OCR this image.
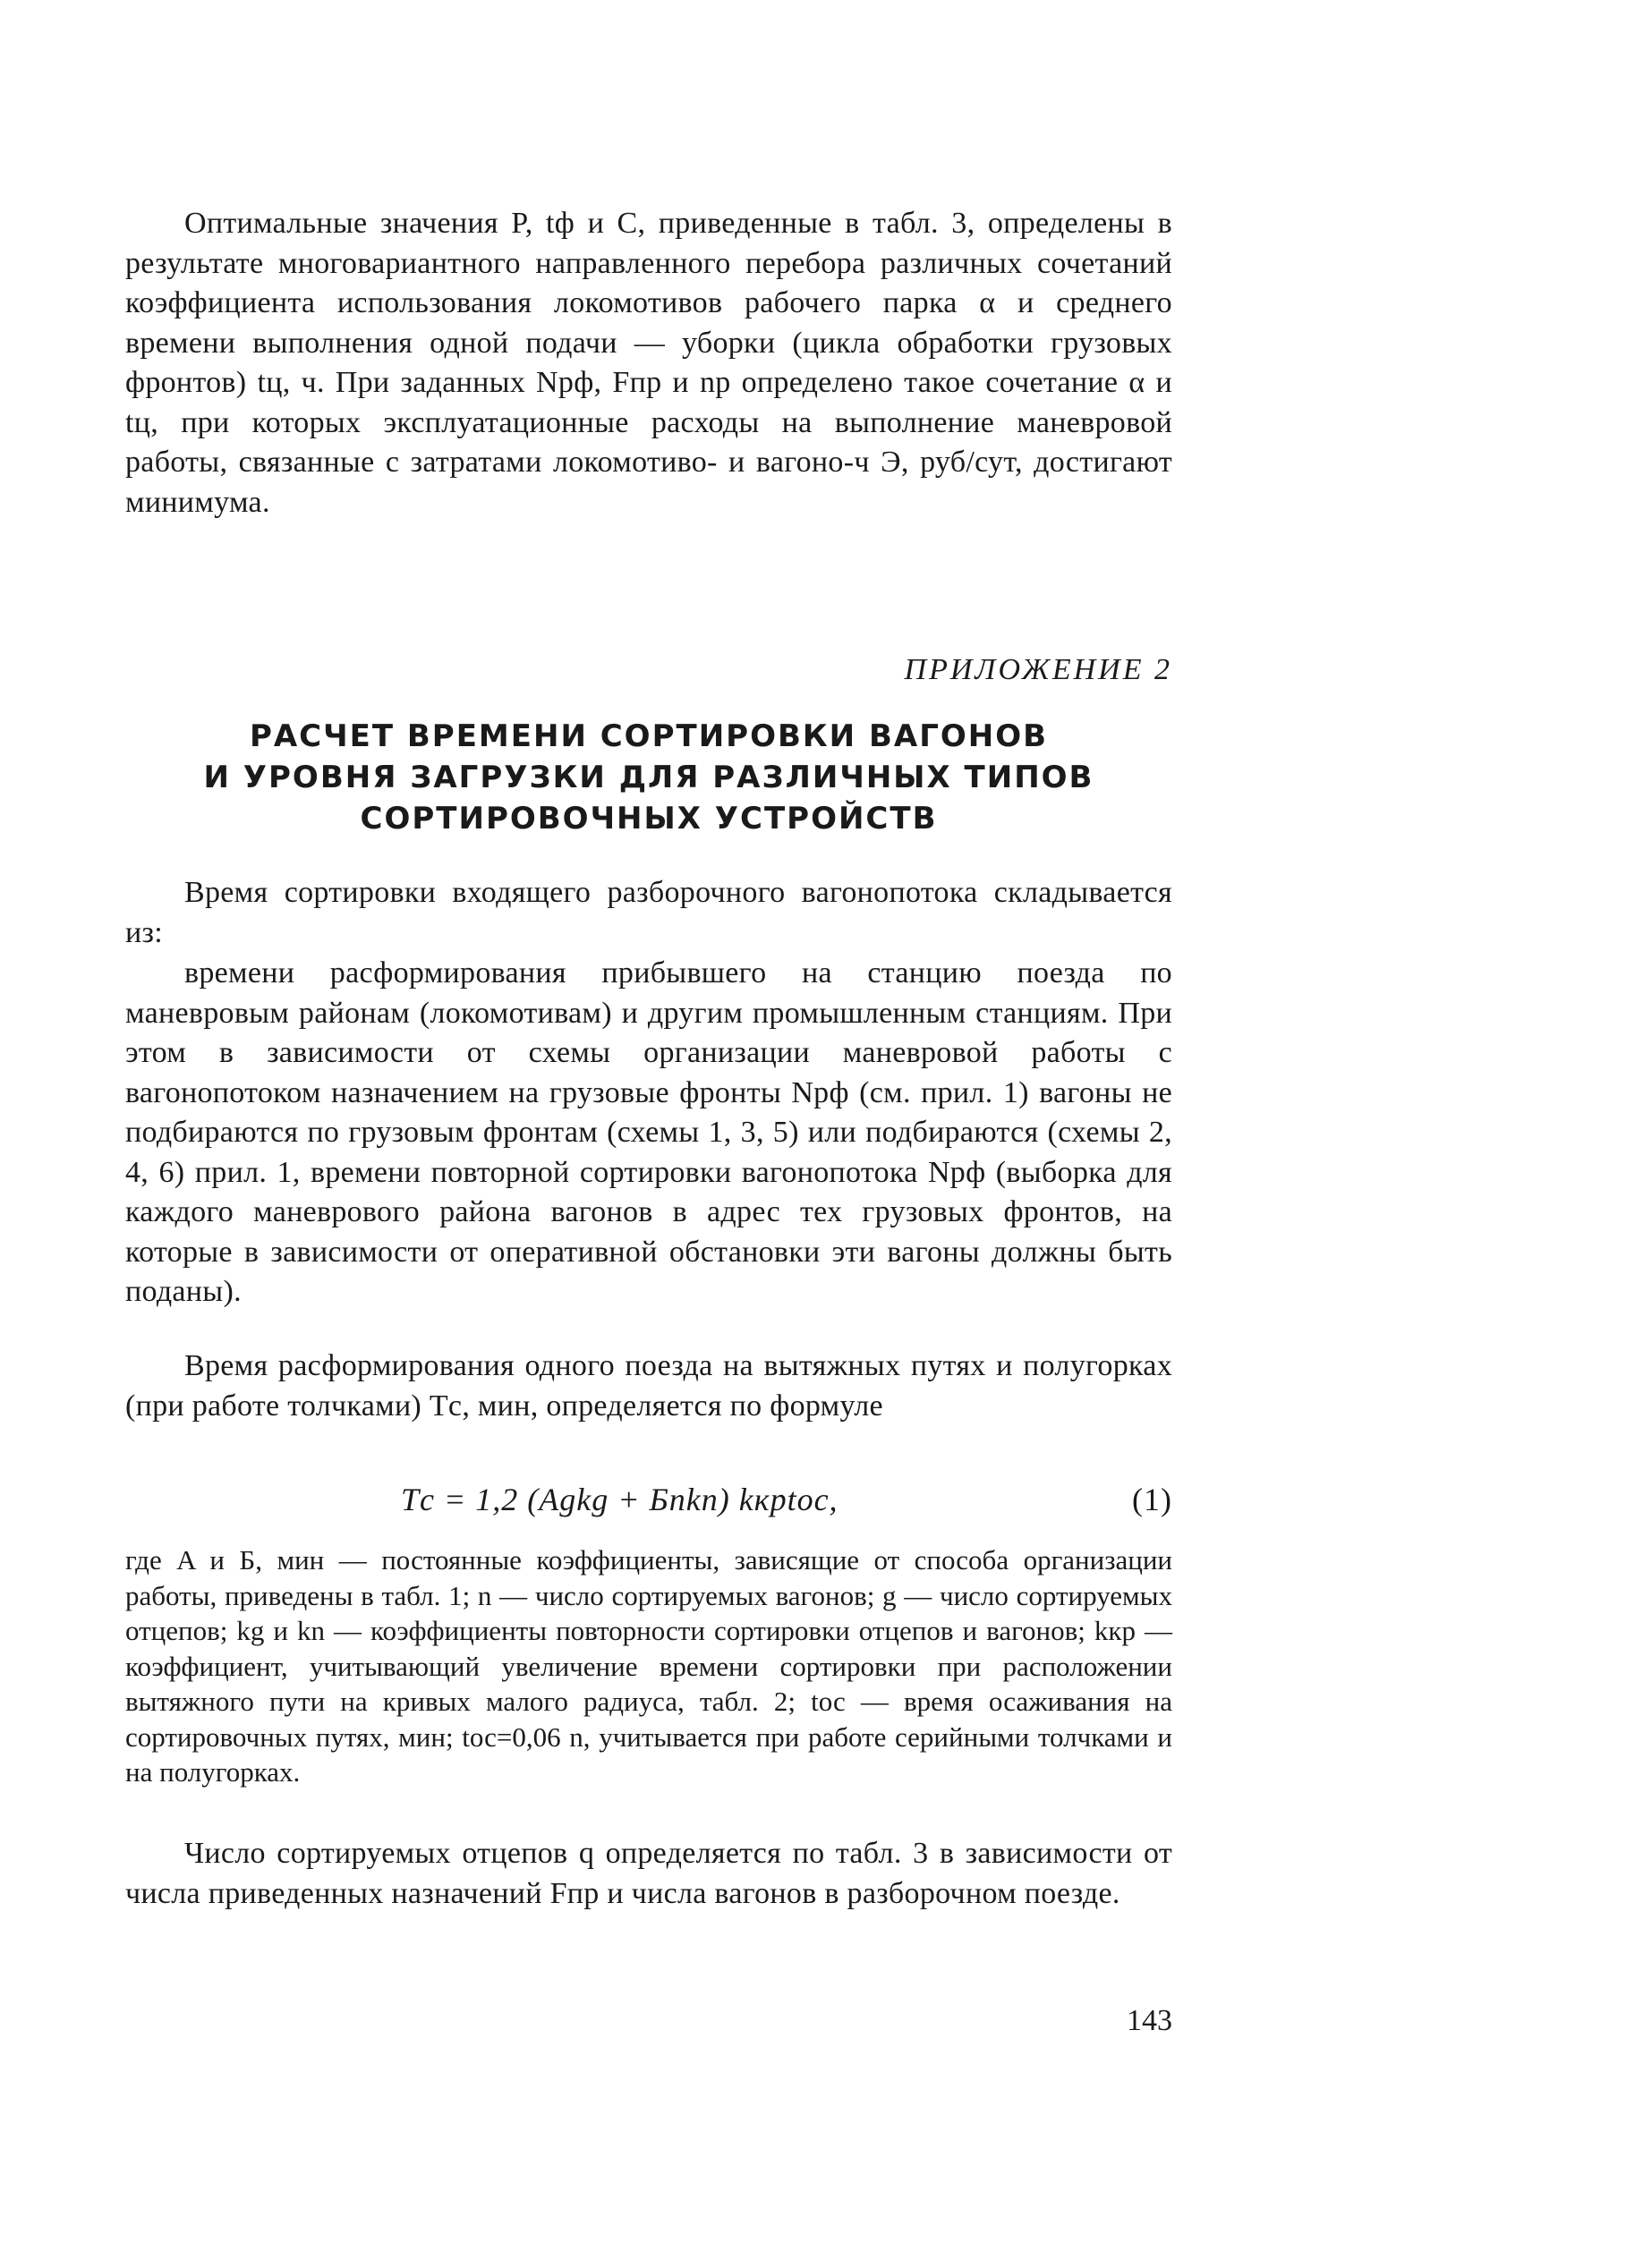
Оптимальные значения P, tф и C, приведенные в табл. 3, определены в результате многовариантного направленного перебора различных сочетаний коэффициента использования локомотивов рабочего парка α и среднего времени выполнения одной подачи — уборки (цикла обработки грузовых фронтов) tц, ч. При заданных Npф, Fпр и np определено такое сочетание α и tц, при которых эксплуатационные расходы на выполнение маневровой работы, связанные с затратами локомотиво- и вагоно-ч Э, руб/сут, достигают минимума.

ПРИЛОЖЕНИЕ 2
РАСЧЕТ ВРЕМЕНИ СОРТИРОВКИ ВАГОНОВ
И УРОВНЯ ЗАГРУЗКИ ДЛЯ РАЗЛИЧНЫХ ТИПОВ
СОРТИРОВОЧНЫХ УСТРОЙСТВ

Время сортировки входящего разборочного вагонопотока складывается из:

времени расформирования прибывшего на станцию поезда по маневровым районам (локомотивам) и другим промышленным станциям. При этом в зависимости от схемы организации маневровой работы с вагонопотоком назначением на грузовые фронты Npф (см. прил. 1) вагоны не подбираются по грузовым фронтам (схемы 1, 3, 5) или подбираются (схемы 2, 4, 6) прил. 1, времени повторной сортировки вагонопотока Npф (выборка для каждого маневрового района вагонов в адрес тех грузовых фронтов, на которые в зависимости от оперативной обстановки эти вагоны должны быть поданы).

Время расформирования одного поезда на вытяжных путях и полугорках (при работе толчками) Tс, мин, определяется по формуле

Tс = 1,2 (Agkg + Бnkn) kкрtос,	(1)

где A и Б, мин — постоянные коэффициенты, зависящие от способа организации работы, приведены в табл. 1; n — число сортируемых вагонов; g — число сортируемых отцепов; kg и kn — коэффициенты повторности сортировки отцепов и вагонов; kкр — коэффициент, учитывающий увеличение времени сортировки при расположении вытяжного пути на кривых малого радиуса, табл. 2; tос — время осаживания на сортировочных путях, мин; tос=0,06 n, учитывается при работе серийными толчками и на полугорках.

Число сортируемых отцепов q определяется по табл. 3 в зависимости от числа приведенных назначений Fпр и числа вагонов в разборочном поезде.

143
